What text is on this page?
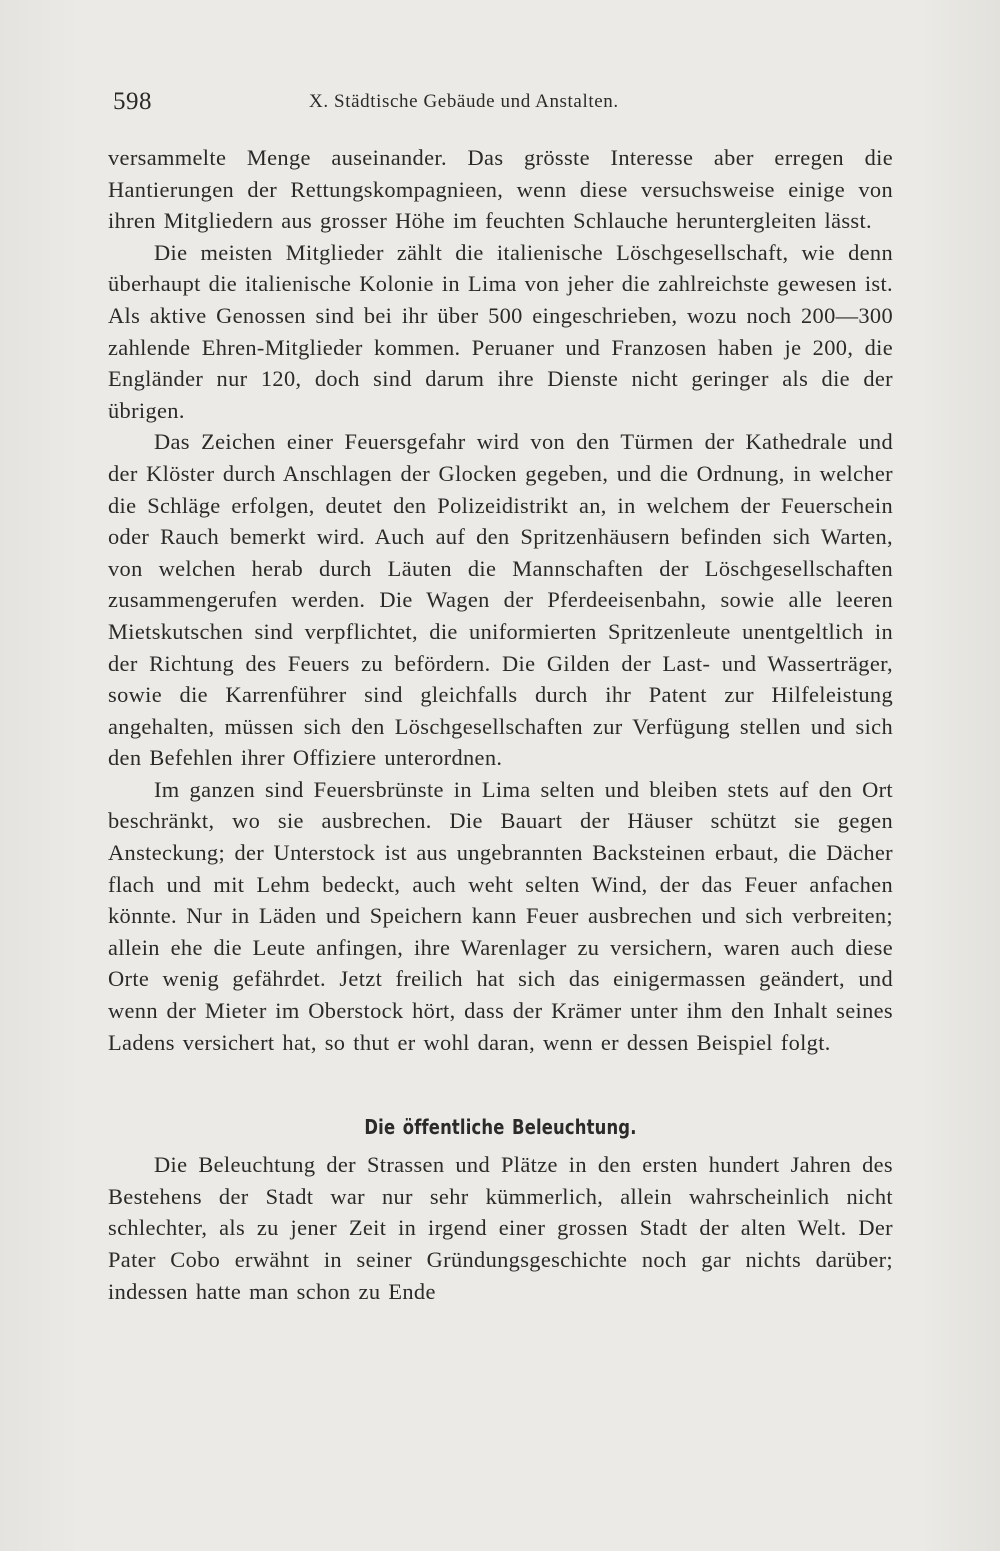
598	X. Städtische Gebäude und Anstalten.

versammelte Menge auseinander. Das grösste Interesse aber erregen die Hantierungen der Rettungskompagnieen, wenn diese versuchsweise einige von ihren Mitgliedern aus grosser Höhe im feuchten Schlauche heruntergleiten lässt.

Die meisten Mitglieder zählt die italienische Löschgesellschaft, wie denn überhaupt die italienische Kolonie in Lima von jeher die zahlreichste gewesen ist. Als aktive Genossen sind bei ihr über 500 eingeschrieben, wozu noch 200—300 zahlende Ehren-Mitglieder kommen. Peruaner und Franzosen haben je 200, die Engländer nur 120, doch sind darum ihre Dienste nicht geringer als die der übrigen.

Das Zeichen einer Feuersgefahr wird von den Türmen der Kathedrale und der Klöster durch Anschlagen der Glocken gegeben, und die Ordnung, in welcher die Schläge erfolgen, deutet den Polizeidistrikt an, in welchem der Feuerschein oder Rauch bemerkt wird. Auch auf den Spritzenhäusern befinden sich Warten, von welchen herab durch Läuten die Mannschaften der Löschgesellschaften zusammengerufen werden. Die Wagen der Pferdeeisenbahn, sowie alle leeren Mietskutschen sind verpflichtet, die uniformierten Spritzenleute unentgeltlich in der Richtung des Feuers zu befördern. Die Gilden der Last- und Wasserträger, sowie die Karrenführer sind gleichfalls durch ihr Patent zur Hilfeleistung angehalten, müssen sich den Löschgesellschaften zur Verfügung stellen und sich den Befehlen ihrer Offiziere unterordnen.

Im ganzen sind Feuersbrünste in Lima selten und bleiben stets auf den Ort beschränkt, wo sie ausbrechen. Die Bauart der Häuser schützt sie gegen Ansteckung; der Unterstock ist aus ungebrannten Backsteinen erbaut, die Dächer flach und mit Lehm bedeckt, auch weht selten Wind, der das Feuer anfachen könnte. Nur in Läden und Speichern kann Feuer ausbrechen und sich verbreiten; allein ehe die Leute anfingen, ihre Warenlager zu versichern, waren auch diese Orte wenig gefährdet. Jetzt freilich hat sich das einigermassen geändert, und wenn der Mieter im Oberstock hört, dass der Krämer unter ihm den Inhalt seines Ladens versichert hat, so thut er wohl daran, wenn er dessen Beispiel folgt.

Die öffentliche Beleuchtung.

Die Beleuchtung der Strassen und Plätze in den ersten hundert Jahren des Bestehens der Stadt war nur sehr kümmerlich, allein wahrscheinlich nicht schlechter, als zu jener Zeit in irgend einer grossen Stadt der alten Welt. Der Pater Cobo erwähnt in seiner Gründungsgeschichte noch gar nichts darüber; indessen hatte man schon zu Ende
